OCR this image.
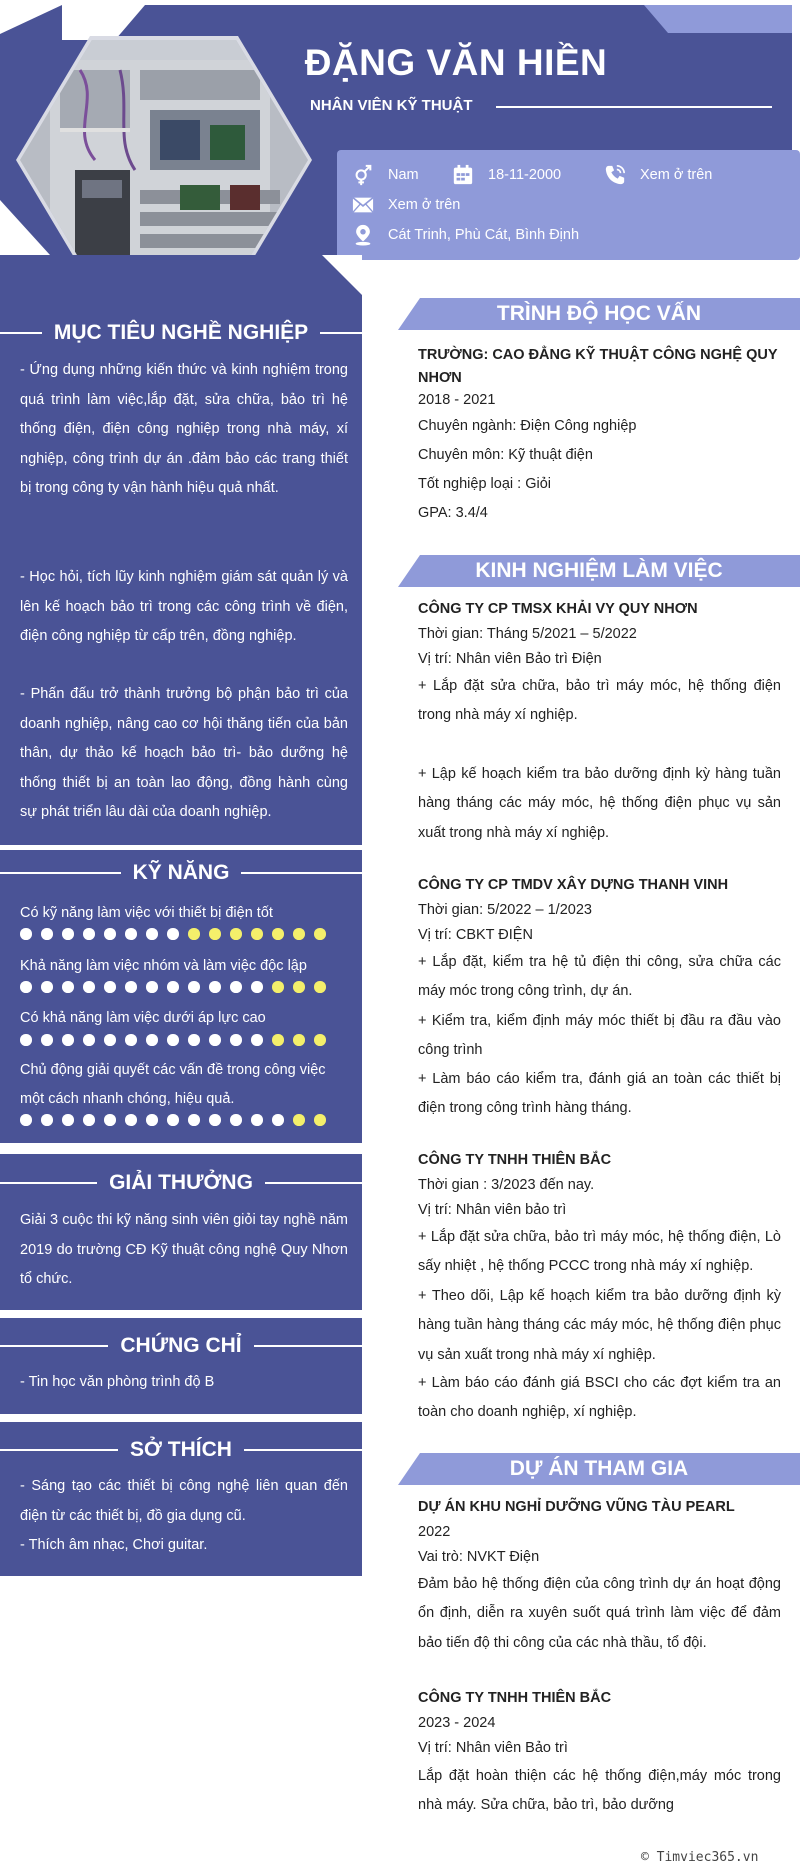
ĐẶNG VĂN HIỀN
NHÂN VIÊN KỸ THUẬT
Nam	18-11-2000	Xem ở trên
Xem ở trên
Cát Trinh, Phù Cát, Bình Định
MỤC TIÊU NGHỀ NGHIỆP
- Ứng dụng những kiến thức và kinh nghiệm trong quá trình làm việc,lắp đặt, sửa chữa, bảo trì hệ thống điện, điện công nghiệp trong nhà máy, xí nghiệp, công trình dự án .đảm bảo các trang thiết bị trong công ty vận hành hiệu quả nhất.
- Học hỏi, tích lũy kinh nghiệm giám sát quản lý và lên kế hoạch bảo trì trong các công trình về điện, điện công nghiệp từ cấp trên, đồng nghiệp.
- Phấn đấu trở thành trưởng bộ phận bảo trì của doanh nghiệp, nâng cao cơ hội thăng tiến của bản thân, dự thảo kế hoạch bảo trì- bảo dưỡng hệ thống thiết bị an toàn lao động, đồng hành cùng sự phát triển lâu dài của doanh nghiệp.
KỸ NĂNG
Có kỹ năng làm việc với thiết bị điện tốt
Khả năng làm việc nhóm và làm việc độc lập
Có khả năng làm việc dưới áp lực cao
Chủ động giải quyết các vấn đề trong công việc một cách nhanh chóng, hiệu quả.
GIẢI THƯỞNG
Giải 3 cuộc thi kỹ năng sinh viên giỏi tay nghề năm 2019 do trường CĐ Kỹ thuật công nghệ Quy Nhơn tổ chức.
CHỨNG CHỈ
- Tin học văn phòng trình độ B
SỞ THÍCH
- Sáng tạo các thiết bị công nghệ liên quan đến điện từ các thiết bị, đồ gia dụng cũ.
- Thích âm nhạc, Chơi guitar.
TRÌNH ĐỘ HỌC VẤN
TRƯỜNG: CAO ĐẲNG KỸ THUẬT CÔNG NGHỆ QUY NHƠN
2018 - 2021
Chuyên ngành: Điện Công nghiệp
Chuyên môn: Kỹ thuật điện
Tốt nghiệp loại : Giỏi
GPA: 3.4/4
KINH NGHIỆM LÀM VIỆC
CÔNG TY CP TMSX KHẢI VY QUY NHƠN
Thời gian: Tháng 5/2021 – 5/2022
Vị trí: Nhân viên Bảo trì Điện
+ Lắp đặt sửa chữa, bảo trì máy móc, hệ thống điện trong nhà máy xí nghiệp.
+ Lập kế hoạch kiểm tra bảo dưỡng định kỳ hàng tuần hàng tháng các máy móc, hệ thống điện phục vụ sản xuất trong nhà máy xí nghiệp.
CÔNG TY CP TMDV XÂY DỰNG THANH VINH
Thời gian: 5/2022 – 1/2023
Vị trí: CBKT ĐIỆN
+ Lắp đặt, kiểm tra hệ tủ điện thi công, sửa chữa các máy móc trong công trình, dự án.
+ Kiểm tra, kiểm định máy móc thiết bị đầu ra đầu vào công trình
+ Làm báo cáo kiểm tra, đánh giá an toàn các thiết bị điện trong công trình hàng tháng.
CÔNG TY TNHH THIÊN BẮC
Thời gian : 3/2023 đến nay.
Vị trí: Nhân viên bảo trì
+ Lắp đặt sửa chữa, bảo trì máy móc, hệ thống điện, Lò sấy nhiệt , hệ thống PCCC trong nhà máy xí nghiệp.
+ Theo dõi, Lập kế hoạch kiểm tra bảo dưỡng định kỳ hàng tuần hàng tháng các máy móc, hệ thống điện phục vụ sản xuất trong nhà máy xí nghiệp.
+ Làm báo cáo đánh giá BSCI cho các đợt kiểm tra an toàn cho doanh nghiệp, xí nghiệp.
DỰ ÁN THAM GIA
DỰ ÁN KHU NGHỈ DƯỠNG VŨNG TÀU PEARL
2022
Vai trò: NVKT Điện
Đảm bảo hệ thống điện của công trình dự án hoạt động ổn định, diễn ra xuyên suốt quá trình làm việc để đảm bảo tiến độ thi công của các nhà thầu, tổ đội.
CÔNG TY TNHH THIÊN BẮC
2023 - 2024
Vị trí: Nhân viên Bảo trì
Lắp đặt hoàn thiện các hệ thống điện,máy móc trong nhà máy. Sửa chữa, bảo trì, bảo dưỡng
© Timviec365.vn
